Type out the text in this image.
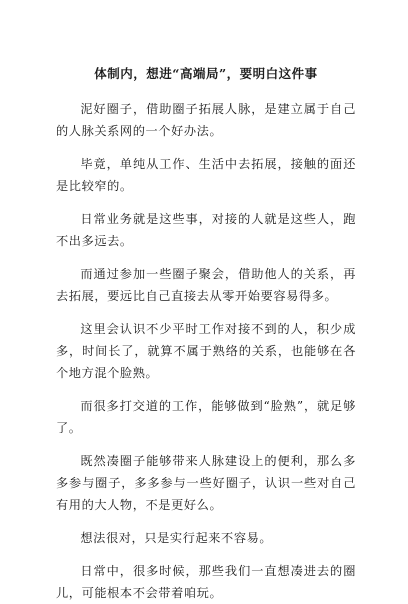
体制内，想进“高端局”，要明白这件事

泥好圈子，借助圈子拓展人脉，是建立属于自己的人脉关系网的一个好办法。

毕竟，单纯从工作、生活中去拓展，接触的面还是比较窄的。

日常业务就是这些事，对接的人就是这些人，跑不出多远去。

而通过参加一些圈子聚会，借助他人的关系，再去拓展，要远比自己直接去从零开始要容易得多。

这里会认识不少平时工作对接不到的人，积少成多，时间长了，就算不属于熟络的关系，也能够在各个地方混个脸熟。

而很多打交道的工作，能够做到“脸熟”，就足够了。

既然凑圈子能够带来人脉建设上的便利，那么多多参与圈子，多多参与一些好圈子，认识一些对自己有用的大人物，不是更好么。

想法很对，只是实行起来不容易。

日常中，很多时候，那些我们一直想凑进去的圈儿，可能根本不会带着咱玩。
